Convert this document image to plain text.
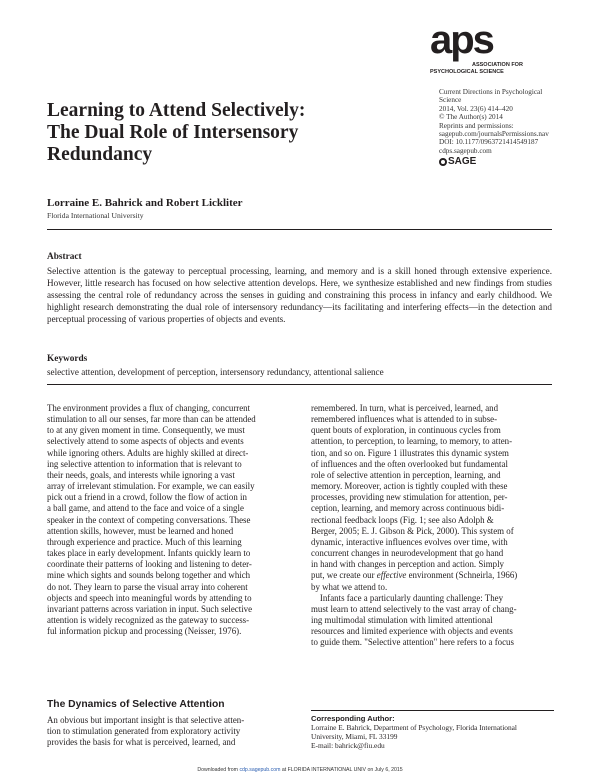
aps
ASSOCIATION FOR
PSYCHOLOGICAL SCIENCE
Current Directions in Psychological
Science
2014, Vol. 23(6) 414–420
© The Author(s) 2014
Reprints and permissions:
sagepub.com/journalsPermissions.nav
DOI: 10.1177/0963721414549187
cdps.sagepub.com
SAGE
Learning to Attend Selectively:
The Dual Role of Intersensory
Redundancy
Lorraine E. Bahrick and Robert Lickliter
Florida International University
Abstract
Selective attention is the gateway to perceptual processing, learning, and memory and is a skill honed through extensive experience. However, little research has focused on how selective attention develops. Here, we synthesize established and new findings from studies assessing the central role of redundancy across the senses in guiding and constraining this process in infancy and early childhood. We highlight research demonstrating the dual role of intersensory redundancy—its facilitating and interfering effects—in the detection and perceptual processing of various properties of objects and events.
Keywords
selective attention, development of perception, intersensory redundancy, attentional salience
The environment provides a flux of changing, concurrent
stimulation to all our senses, far more than can be attended
to at any given moment in time. Consequently, we must
selectively attend to some aspects of objects and events
while ignoring others. Adults are highly skilled at direct-
ing selective attention to information that is relevant to
their needs, goals, and interests while ignoring a vast
array of irrelevant stimulation. For example, we can easily
pick out a friend in a crowd, follow the flow of action in
a ball game, and attend to the face and voice of a single
speaker in the context of competing conversations. These
attention skills, however, must be learned and honed
through experience and practice. Much of this learning
takes place in early development. Infants quickly learn to
coordinate their patterns of looking and listening to deter-
mine which sights and sounds belong together and which
do not. They learn to parse the visual array into coherent
objects and speech into meaningful words by attending to
invariant patterns across variation in input. Such selective
attention is widely recognized as the gateway to success-
ful information pickup and processing (Neisser, 1976).
The Dynamics of Selective Attention
An obvious but important insight is that selective atten-
tion to stimulation generated from exploratory activity
provides the basis for what is perceived, learned, and
remembered. In turn, what is perceived, learned, and
remembered influences what is attended to in subse-
quent bouts of exploration, in continuous cycles from
attention, to perception, to learning, to memory, to atten-
tion, and so on. Figure 1 illustrates this dynamic system
of influences and the often overlooked but fundamental
role of selective attention in perception, learning, and
memory. Moreover, action is tightly coupled with these
processes, providing new stimulation for attention, per-
ception, learning, and memory across continuous bidi-
rectional feedback loops (Fig. 1; see also Adolph &
Berger, 2005; E. J. Gibson & Pick, 2000). This system of
dynamic, interactive influences evolves over time, with
concurrent changes in neurodevelopment that go hand
in hand with changes in perception and action. Simply
put, we create our effective environment (Schneirla, 1966)
by what we attend to.
Infants face a particularly daunting challenge: They
must learn to attend selectively to the vast array of chang-
ing multimodal stimulation with limited attentional
resources and limited experience with objects and events
to guide them. "Selective attention" here refers to a focus
Corresponding Author:
Lorraine E. Bahrick, Department of Psychology, Florida International
University, Miami, FL 33199
E-mail: bahrick@fiu.edu
Downloaded from cdp.sagepub.com at FLORIDA INTERNATIONAL UNIV on July 6, 2015
